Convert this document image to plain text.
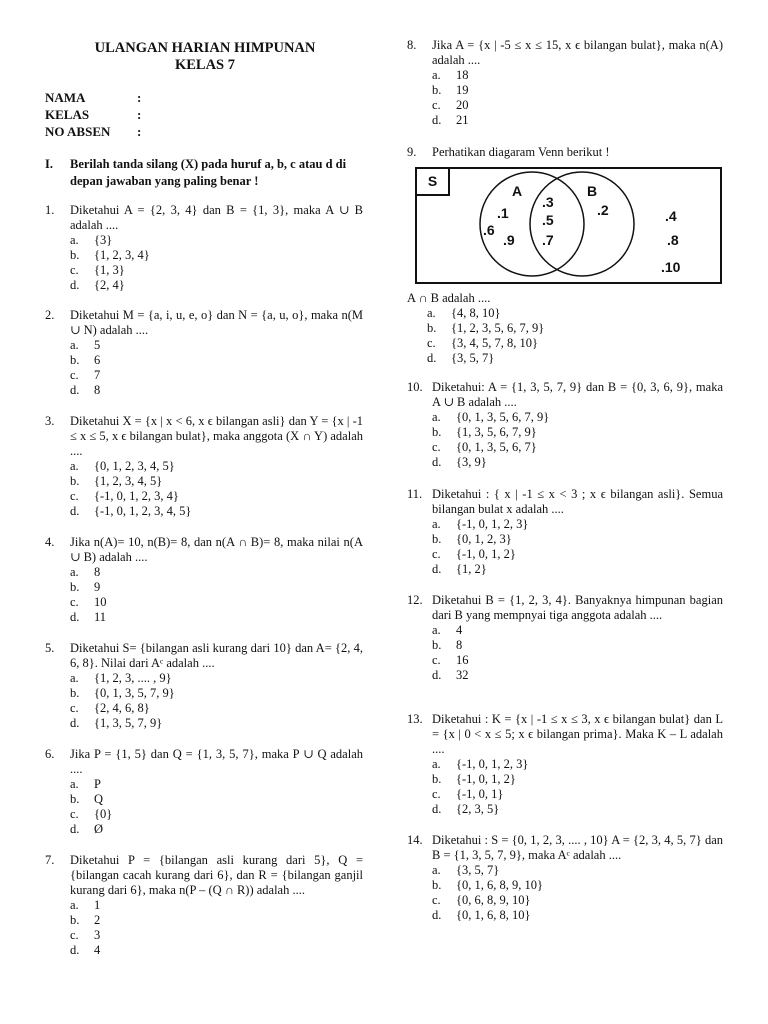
ULANGAN HARIAN HIMPUNAN
KELAS 7
NAMA	:
KELAS	:
NO ABSEN :
I. Berilah tanda silang (X) pada huruf a, b, c atau d di depan jawaban yang paling benar !
1. Diketahui A = {2, 3, 4} dan B = {1, 3}, maka A ∪ B adalah ....
a. {3}
b. {1, 2, 3, 4}
c. {1, 3}
d. {2, 4}
2. Diketahui M = {a, i, u, e, o} dan N = {a, u, o}, maka n(M ∪ N) adalah ....
a. 5
b. 6
c. 7
d. 8
3. Diketahui X = {x | x < 6, x ϵ bilangan asli} dan Y = {x | -1 ≤ x ≤ 5, x ϵ bilangan bulat}, maka anggota (X ∩ Y) adalah ....
a. {0, 1, 2, 3, 4, 5}
b. {1, 2, 3, 4, 5}
c. {-1, 0, 1, 2, 3, 4}
d. {-1, 0, 1, 2, 3, 4, 5}
4. Jika n(A)= 10, n(B)= 8, dan n(A ∩ B)= 8, maka nilai n(A ∪ B) adalah ....
a. 8
b. 9
c. 10
d. 11
5. Diketahui S= {bilangan asli kurang dari 10} dan A= {2, 4, 6, 8}. Nilai dari Aᶜ adalah ....
a. {1, 2, 3, .... , 9}
b. {0, 1, 3, 5, 7, 9}
c. {2, 4, 6, 8}
d. {1, 3, 5, 7, 9}
6. Jika P = {1, 5} dan Q = {1, 3, 5, 7}, maka P ∪ Q adalah ....
a. P
b. Q
c. {0}
d. Ø
7. Diketahui P = {bilangan asli kurang dari 5}, Q = {bilangan cacah kurang dari 6}, dan R = {bilangan ganjil kurang dari 6}, maka n(P – (Q ∩ R)) adalah ....
a. 1
b. 2
c. 3
d. 4
8. Jika A = {x | -5 ≤ x ≤ 15, x ϵ bilangan bulat}, maka n(A) adalah ....
a. 18
b. 19
c. 20
d. 21
9. Perhatikan diagaram Venn berikut !
10. Diketahui: A = {1, 3, 5, 7, 9} dan B = {0, 3, 6, 9}, maka A ∪ B adalah ....
a. {0, 1, 3, 5, 6, 7, 9}
b. {1, 3, 5, 6, 7, 9}
c. {0, 1, 3, 5, 6, 7}
d. {3, 9}
11. Diketahui : { x | -1 ≤ x < 3 ; x ϵ bilangan asli}. Semua bilangan bulat x adalah ....
a. {-1, 0, 1, 2, 3}
b. {0, 1, 2, 3}
c. {-1, 0, 1, 2}
d. {1, 2}
12. Diketahui B = {1, 2, 3, 4}. Banyaknya himpunan bagian dari B yang mempnyai tiga anggota adalah ....
a. 4
b. 8
c. 16
d. 32
13. Diketahui : K = {x | -1 ≤ x ≤ 3, x ϵ bilangan bulat} dan L = {x | 0 < x ≤ 5; x ϵ bilangan prima}. Maka K – L adalah ....
a. {-1, 0, 1, 2, 3}
b. {-1, 0, 1, 2}
c. {-1, 0, 1}
d. {2, 3, 5}
14. Diketahui : S = {0, 1, 2, 3, .... , 10} A = {2, 3, 4, 5, 7} dan B = {1, 3, 5, 7, 9}, maka Aᶜ adalah ....
a. {3, 5, 7}
b. {0, 1, 6, 8, 9, 10}
c. {0, 6, 8, 9, 10}
d. {0, 1, 6, 8, 10}
S
A	B
.1
.6
.9
.3
.5
.7
.2	.4
.8
.10
A ∩ B adalah ....
a. {4, 8, 10}
b. {1, 2, 3, 5, 6, 7, 9}
c. {3, 4, 5, 7, 8, 10}
d. {3, 5, 7}
